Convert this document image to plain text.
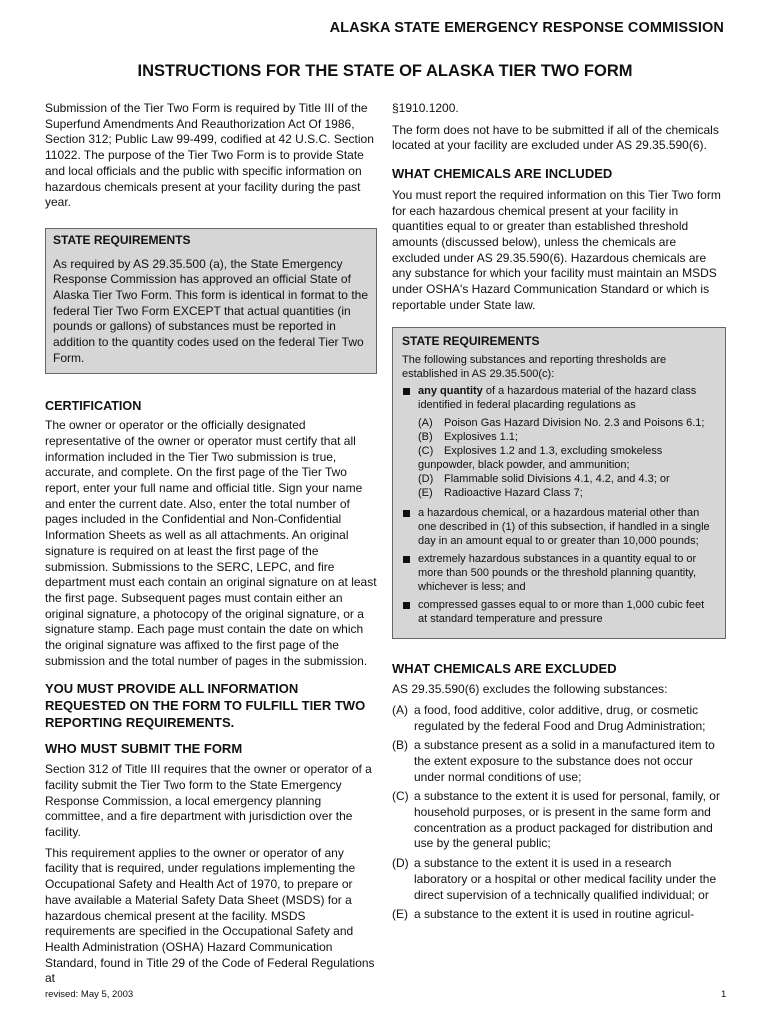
ALASKA STATE EMERGENCY RESPONSE COMMISSION
INSTRUCTIONS FOR THE STATE OF ALASKA TIER TWO FORM

Submission of the Tier Two Form is required by Title III of the Superfund Amendments And Reauthorization Act Of 1986, Section 312; Public Law 99-499, codified at 42 U.S.C. Section 11022. The purpose of the Tier Two Form is to provide State and local officials and the public with specific information on hazardous chemicals present at your facility during the past year.

STATE REQUIREMENTS
As required by AS 29.35.500 (a), the State Emergency Response Commission has approved an official State of Alaska Tier Two Form. This form is identical in format to the federal Tier Two Form EXCEPT that actual quantities (in pounds or gallons) of substances must be reported in addition to the quantity codes used on the federal Tier Two Form.
CERTIFICATION

The owner or operator or the officially designated representative of the owner or operator must certify that all information included in the Tier Two submission is true, accurate, and complete. On the first page of the Tier Two report, enter your full name and official title. Sign your name and enter the current date. Also, enter the total number of pages included in the Confidential and Non-Confidential Information Sheets as well as all attachments. An original signature is required on at least the first page of the submission. Submissions to the SERC, LEPC, and fire department must each contain an original signature on at least the first page. Subsequent pages must contain either an original signature, a photocopy of the original signature, or a signature stamp. Each page must contain the date on which the original signature was affixed to the first page of the submission and the total number of pages in the submission.

YOU MUST PROVIDE ALL INFORMATION REQUESTED ON THE FORM TO FULFILL TIER TWO REPORTING REQUIREMENTS.
WHO MUST SUBMIT THE FORM

Section 312 of Title III requires that the owner or operator of a facility submit the Tier Two form to the State Emergency Response Commission, a local emergency planning committee, and a fire department with jurisdiction over the facility.

This requirement applies to the owner or operator of any facility that is required, under regulations implementing the Occupational Safety and Health Act of 1970, to prepare or have available a Material Safety Data Sheet (MSDS) for a hazardous chemical present at the facility. MSDS requirements are specified in the Occupational Safety and Health Administration (OSHA) Hazard Communication Standard, found in Title 29 of the Code of Federal Regulations at

§1910.1200.

The form does not have to be submitted if all of the chemicals located at your facility are excluded under AS 29.35.590(6).

WHAT CHEMICALS ARE INCLUDED

You must report the required information on this Tier Two form for each hazardous chemical present at your facility in quantities equal to or greater than established threshold amounts (discussed below), unless the chemicals are excluded under AS 29.35.590(6). Hazardous chemicals are any substance for which your facility must maintain an MSDS under OSHA's Hazard Communication Standard or which is reportable under State law.

STATE REQUIREMENTS
The following substances and reporting thresholds are established in AS 29.35.500(c):
any quantity of a hazardous material of the hazard class identified in federal placarding regulations as
(A)	Poison Gas Hazard Division No. 2.3 and Poisons 6.1;
(B)	Explosives 1.1;
(C) Explosives 1.2 and 1.3, excluding smokeless
gunpowder, black powder, and ammunition;
(D) Flammable solid Divisions 4.1, 4.2, and 4.3; or
(E)	Radioactive Hazard Class 7;
a hazardous chemical, or a hazardous material other than one described in (1) of this subsection, if handled in a single day in an amount equal to or greater than 10,000 pounds;
extremely hazardous substances in a quantity equal to or more than 500 pounds or the threshold planning quantity, whichever is less; and
compressed gasses equal to or more than 1,000 cubic feet at standard temperature and pressure
WHAT CHEMICALS ARE EXCLUDED

AS 29.35.590(6) excludes the following substances:

(A) a food, food additive, color additive, drug, or cosmetic regulated by the federal Food and Drug Administration;
(B) a substance present as a solid in a manufactured item to the extent exposure to the substance does not occur under normal conditions of use;
(C) a substance to the extent it is used for personal, family, or household purposes, or is present in the same form and concentration as a product packaged for distribution and use by the general public;
(D) a substance to the extent it is used in a research laboratory or a hospital or other medical facility under the direct supervision of a technically qualified individual; or
(E) a substance to the extent it is used in routine agricul-
revised: May 5, 2003	1
